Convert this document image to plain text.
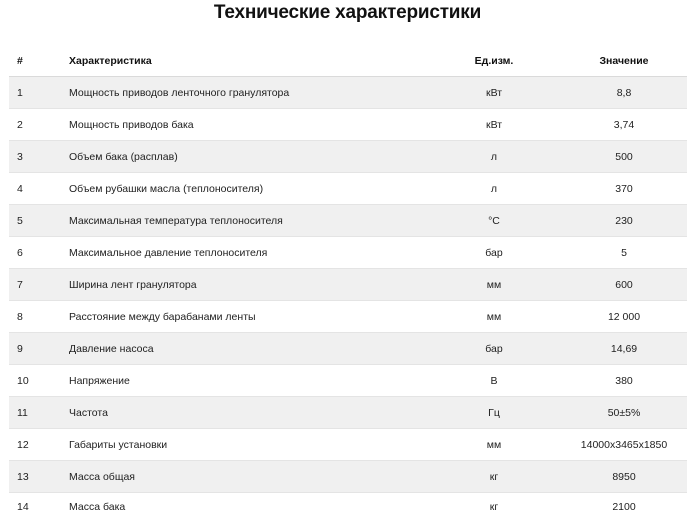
Технические характеристики
#	Характеристика	Ед.изм.	Значение
1	Мощность приводов ленточного гранулятора	кВт	8,8
2	Мощность приводов бака	кВт	3,74
3	Объем бака (расплав)	л	500
4	Объем рубашки масла (теплоносителя)	л	370
5	Максимальная температура теплоносителя	°C	230
6	Максимальное давление теплоносителя	бар	5
7	Ширина лент гранулятора	мм	600
8	Расстояние между барабанами ленты	мм	12 000
9	Давление насоса	бар	14,69
10	Напряжение	В	380
11	Частота	Гц	50±5%
12	Габариты установки	мм	14000х3465х1850
13	Масса общая	кг	8950
14	Масса бака	кг	2100
